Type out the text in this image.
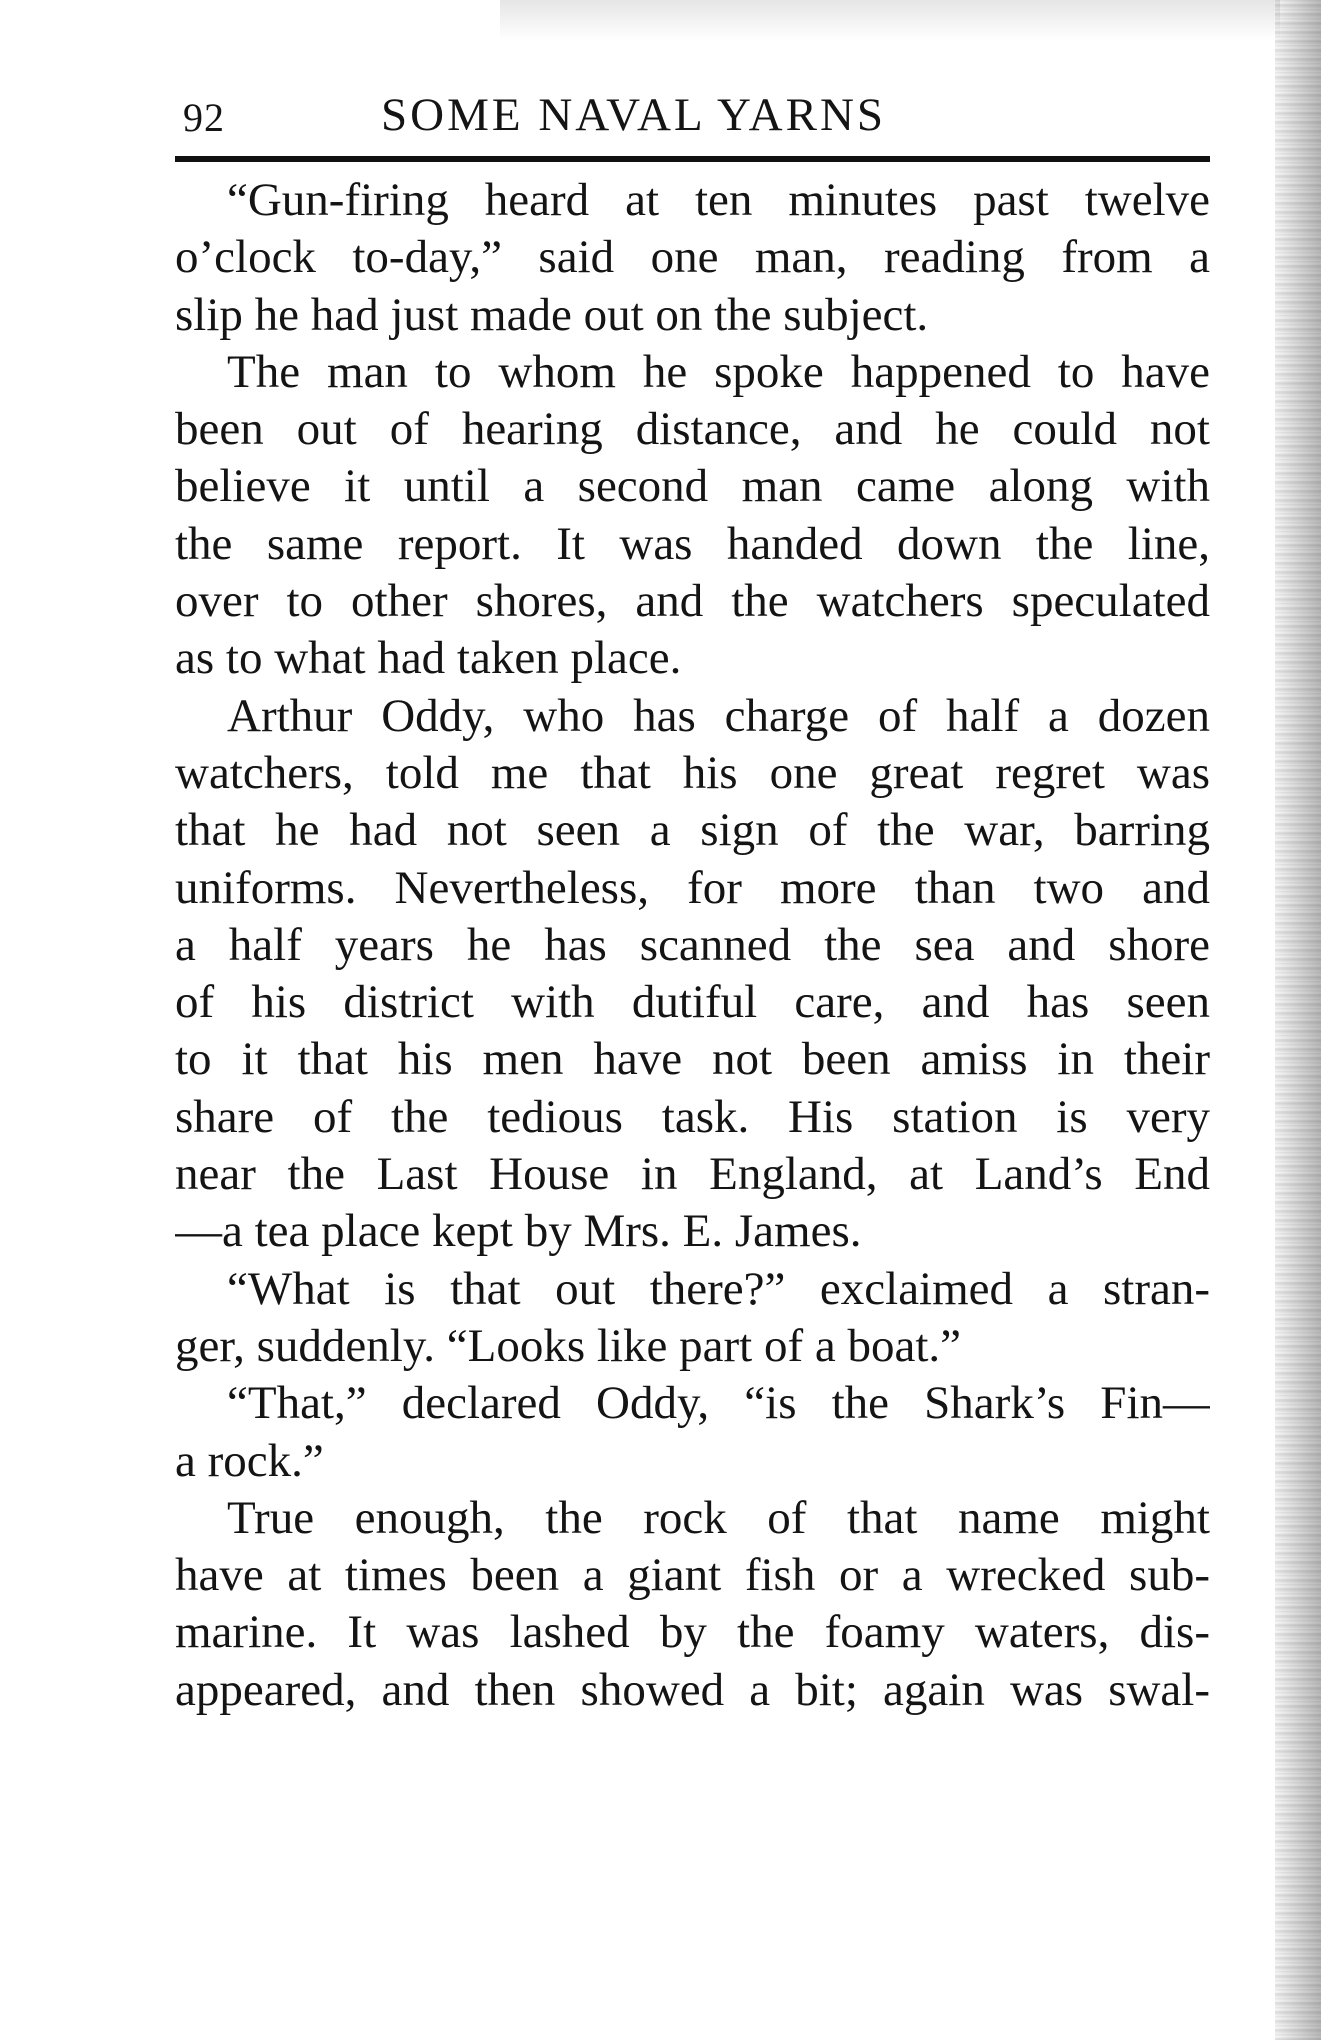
92	SOME NAVAL YARNS
“Gun-firing heard at ten minutes past twelve
o’clock to-day,” said one man, reading from a
slip he had just made out on the subject.
The man to whom he spoke happened to have
been out of hearing distance, and he could not
believe it until a second man came along with
the same report. It was handed down the line,
over to other shores, and the watchers speculated
as to what had taken place.
Arthur Oddy, who has charge of half a dozen
watchers, told me that his one great regret was
that he had not seen a sign of the war, barring
uniforms. Nevertheless, for more than two and
a half years he has scanned the sea and shore
of his district with dutiful care, and has seen
to it that his men have not been amiss in their
share of the tedious task. His station is very
near the Last House in England, at Land’s End
—a tea place kept by Mrs. E. James.
“What is that out there?” exclaimed a stran-
ger, suddenly. “Looks like part of a boat.”
“That,” declared Oddy, “is the Shark’s Fin—
a rock.”
True enough, the rock of that name might
have at times been a giant fish or a wrecked sub-
marine. It was lashed by the foamy waters, dis-
appeared, and then showed a bit; again was swal-
